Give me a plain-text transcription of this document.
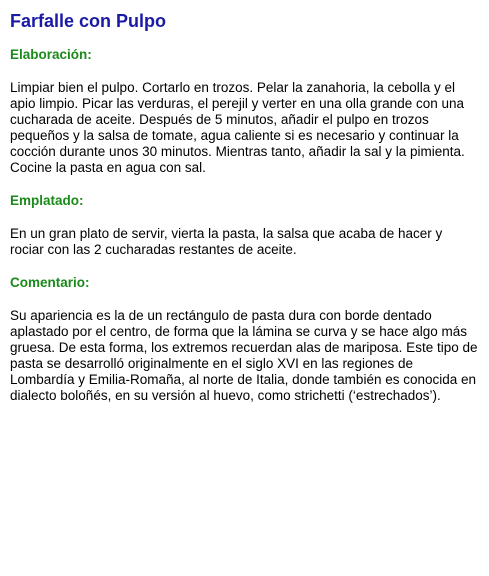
Farfalle con Pulpo
Elaboración:

Limpiar bien el pulpo. Cortarlo en trozos. Pelar la zanahoria, la cebolla y el apio limpio. Picar las verduras, el perejil y verter en una olla grande con una cucharada de aceite. Después de 5 minutos, añadir el pulpo en trozos pequeños y la salsa de tomate, agua caliente si es necesario y continuar la cocción durante unos 30 minutos. Mientras tanto, añadir la sal y la pimienta. Cocine la pasta en agua con sal.

Emplatado:

En un gran plato de servir, vierta la pasta, la salsa que acaba de hacer y rociar con las 2 cucharadas restantes de aceite.

Comentario:

Su apariencia es la de un rectángulo de pasta dura con borde dentado aplastado por el centro, de forma que la lámina se curva y se hace algo más gruesa. De esta forma, los extremos recuerdan alas de mariposa. Este tipo de pasta se desarrolló originalmente en el siglo XVI en las regiones de Lombardía y Emilia-Romaña, al norte de Italia, donde también es conocida en dialecto boloñés, en su versión al huevo, como strichetti (‘estrechados’).
